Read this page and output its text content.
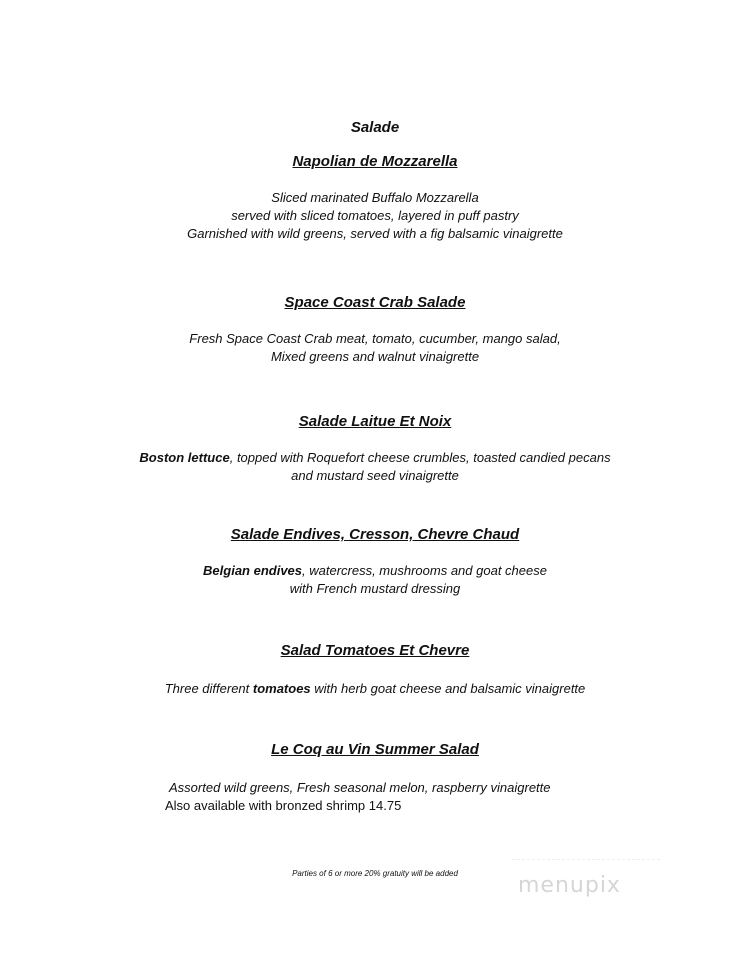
Salade
Napolian de Mozzarella
Sliced marinated Buffalo Mozzarella
served with sliced tomatoes, layered in puff pastry
Garnished with wild greens, served with a fig balsamic vinaigrette
Space Coast Crab Salade
Fresh Space Coast Crab meat, tomato, cucumber, mango salad,
Mixed greens and walnut vinaigrette
Salade Laitue Et Noix
Boston lettuce, topped with Roquefort cheese crumbles, toasted candied pecans
and mustard seed vinaigrette
Salade Endives, Cresson, Chevre Chaud
Belgian endives, watercress, mushrooms and goat cheese
with French mustard dressing
Salad Tomatoes Et Chevre
Three different tomatoes with herb goat cheese and balsamic vinaigrette
Le Coq au Vin Summer Salad
Assorted wild greens, Fresh seasonal melon, raspberry vinaigrette
Also available with bronzed shrimp 14.75
Parties of 6 or more 20% gratuity will be added	menupix
